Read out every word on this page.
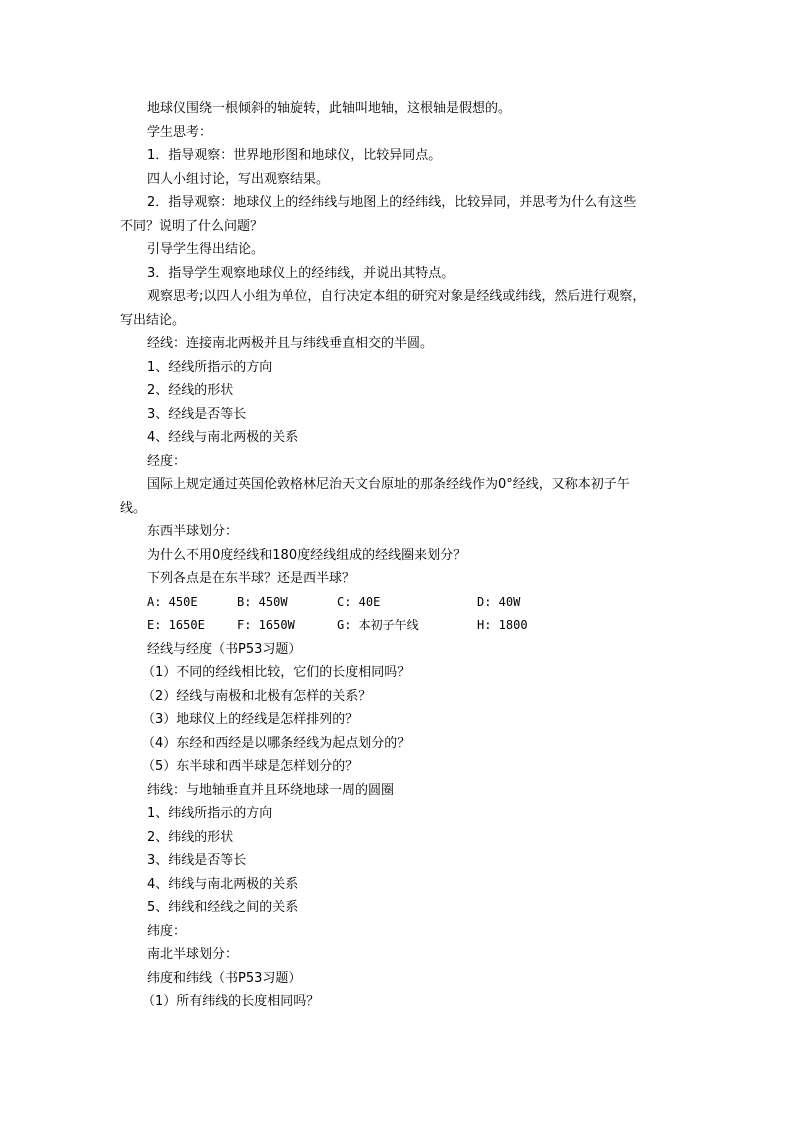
地球仪围绕一根倾斜的轴旋转，此轴叫地轴，这根轴是假想的。
学生思考：
1．指导观察：世界地形图和地球仪，比较异同点。
四人小组讨论，写出观察结果。
2．指导观察：地球仪上的经纬线与地图上的经纬线，比较异同，并思考为什么有这些
不同？说明了什么问题？
引导学生得出结论。
3．指导学生观察地球仪上的经纬线，并说出其特点。
观察思考;以四人小组为单位，自行决定本组的研究对象是经线或纬线，然后进行观察，
写出结论。
经线：连接南北两极并且与纬线垂直相交的半圆。
1、经线所指示的方向
2、经线的形状
3、经线是否等长
4、经线与南北两极的关系
经度：
国际上规定通过英国伦敦格林尼治天文台原址的那条经线作为0°经线，又称本初子午
线。
东西半球划分：
为什么不用0度经线和180度经线组成的经线圈来划分？
下列各点是在东半球？还是西半球？
A: 450E	B: 450W	C: 40E	D: 40W
E: 1650E	F: 1650W	G: 本初子午线	H: 1800
经线与经度（书P53习题）
（1）不同的经线相比较，它们的长度相同吗？
（2）经线与南极和北极有怎样的关系？
（3）地球仪上的经线是怎样排列的？
（4）东经和西经是以哪条经线为起点划分的？
（5）东半球和西半球是怎样划分的？
纬线：与地轴垂直并且环绕地球一周的圆圈
1、纬线所指示的方向
2、纬线的形状
3、纬线是否等长
4、纬线与南北两极的关系
5、纬线和经线之间的关系
纬度：
南北半球划分：
纬度和纬线（书P53习题）
（1）所有纬线的长度相同吗？
